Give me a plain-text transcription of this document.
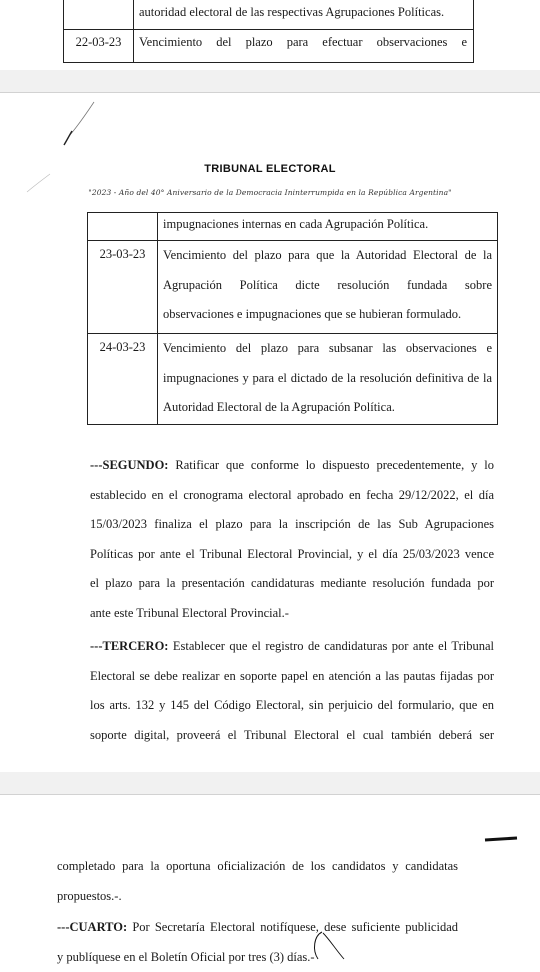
	autoridad electoral de las respectivas Agrupaciones Políticas.

22-03-23	Vencimiento del plazo para efectuar observaciones e
TRIBUNAL ELECTORAL
"2023 - Año del 40° Aniversario de la Democracia Ininterrumpida en la República Argentina"

	impugnaciones internas en cada Agrupación Política.

23-03-23	Vencimiento del plazo para que la Autoridad Electoral de la
Agrupación Política dicte resolución fundada sobre
observaciones e impugnaciones que se hubieran formulado.

24-03-23	Vencimiento del plazo para subsanar las observaciones e
impugnaciones y para el dictado de la resolución definitiva de la
Autoridad Electoral de la Agrupación Política.
---SEGUNDO: Ratificar que conforme lo dispuesto precedentemente, y lo
establecido en el cronograma electoral aprobado en fecha 29/12/2022, el día
15/03/2023 finaliza el plazo para la inscripción de las Sub Agrupaciones
Políticas por ante el Tribunal Electoral Provincial, y el día 25/03/2023 vence
el plazo para la presentación candidaturas mediante resolución fundada por
ante este Tribunal Electoral Provincial.-
---TERCERO: Establecer que el registro de candidaturas por ante el Tribunal
Electoral se debe realizar en soporte papel en atención a las pautas fijadas por
los arts. 132 y 145 del Código Electoral, sin perjuicio del formulario, que en
soporte digital, proveerá el Tribunal Electoral el cual también deberá ser
completado para la oportuna oficialización de los candidatos y candidatas
propuestos.-.
---CUARTO: Por Secretaría Electoral notifíquese, dese suficiente publicidad
y publíquese en el Boletín Oficial por tres (3) días.-
